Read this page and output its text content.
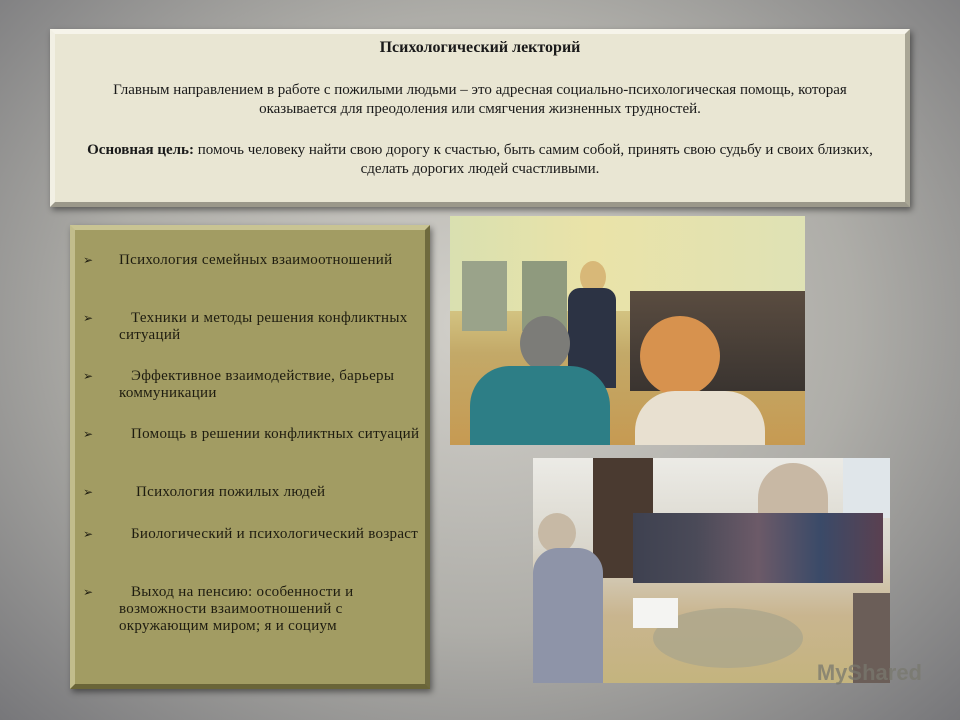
Психологический лекторий
Главным направлением в работе с пожилыми людьми – это адресная социально-психологическая помощь, которая оказывается для преодоления или смягчения жизненных трудностей.
Основная цель: помочь человеку найти свою дорогу к счастью, быть самим собой, принять свою судьбу и своих близких, сделать дорогих людей счастливыми.
➢ Психология семейных взаимоотношений
➢	Техники и методы решения конфликтных ситуаций
➢	Эффективное взаимодействие, барьеры коммуникации
➢	Помощь в решении конфликтных ситуаций
➢	Психология пожилых людей
➢	Биологический и психологический возраст
➢	Выход на пенсию: особенности и возможности взаимоотношений с окружающим миром; я и социум
MyShared
